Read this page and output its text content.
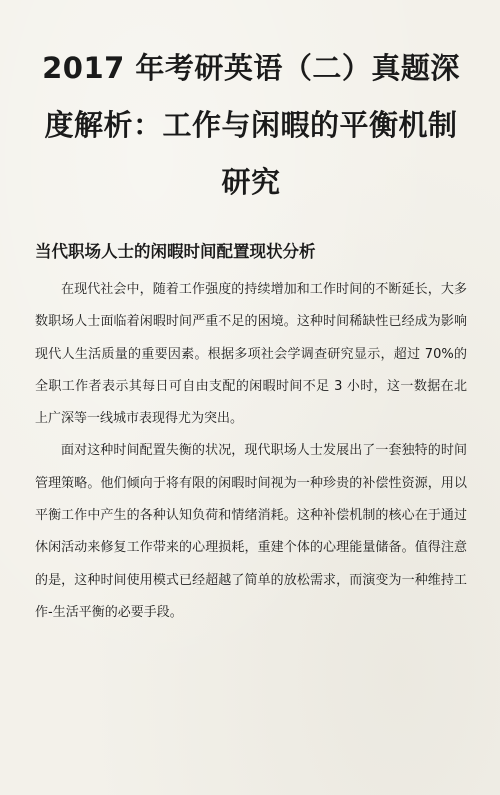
2017 年考研英语（二）真题深度解析：工作与闲暇的平衡机制研究
当代职场人士的闲暇时间配置现状分析

在现代社会中，随着工作强度的持续增加和工作时间的不断延长，大多数职场人士面临着闲暇时间严重不足的困境。这种时间稀缺性已经成为影响现代人生活质量的重要因素。根据多项社会学调查研究显示，超过 70%的全职工作者表示其每日可自由支配的闲暇时间不足 3 小时，这一数据在北上广深等一线城市表现得尤为突出。

面对这种时间配置失衡的状况，现代职场人士发展出了一套独特的时间管理策略。他们倾向于将有限的闲暇时间视为一种珍贵的补偿性资源，用以平衡工作中产生的各种认知负荷和情绪消耗。这种补偿机制的核心在于通过休闲活动来修复工作带来的心理损耗，重建个体的心理能量储备。值得注意的是，这种时间使用模式已经超越了简单的放松需求，而演变为一种维持工作-生活平衡的必要手段。
